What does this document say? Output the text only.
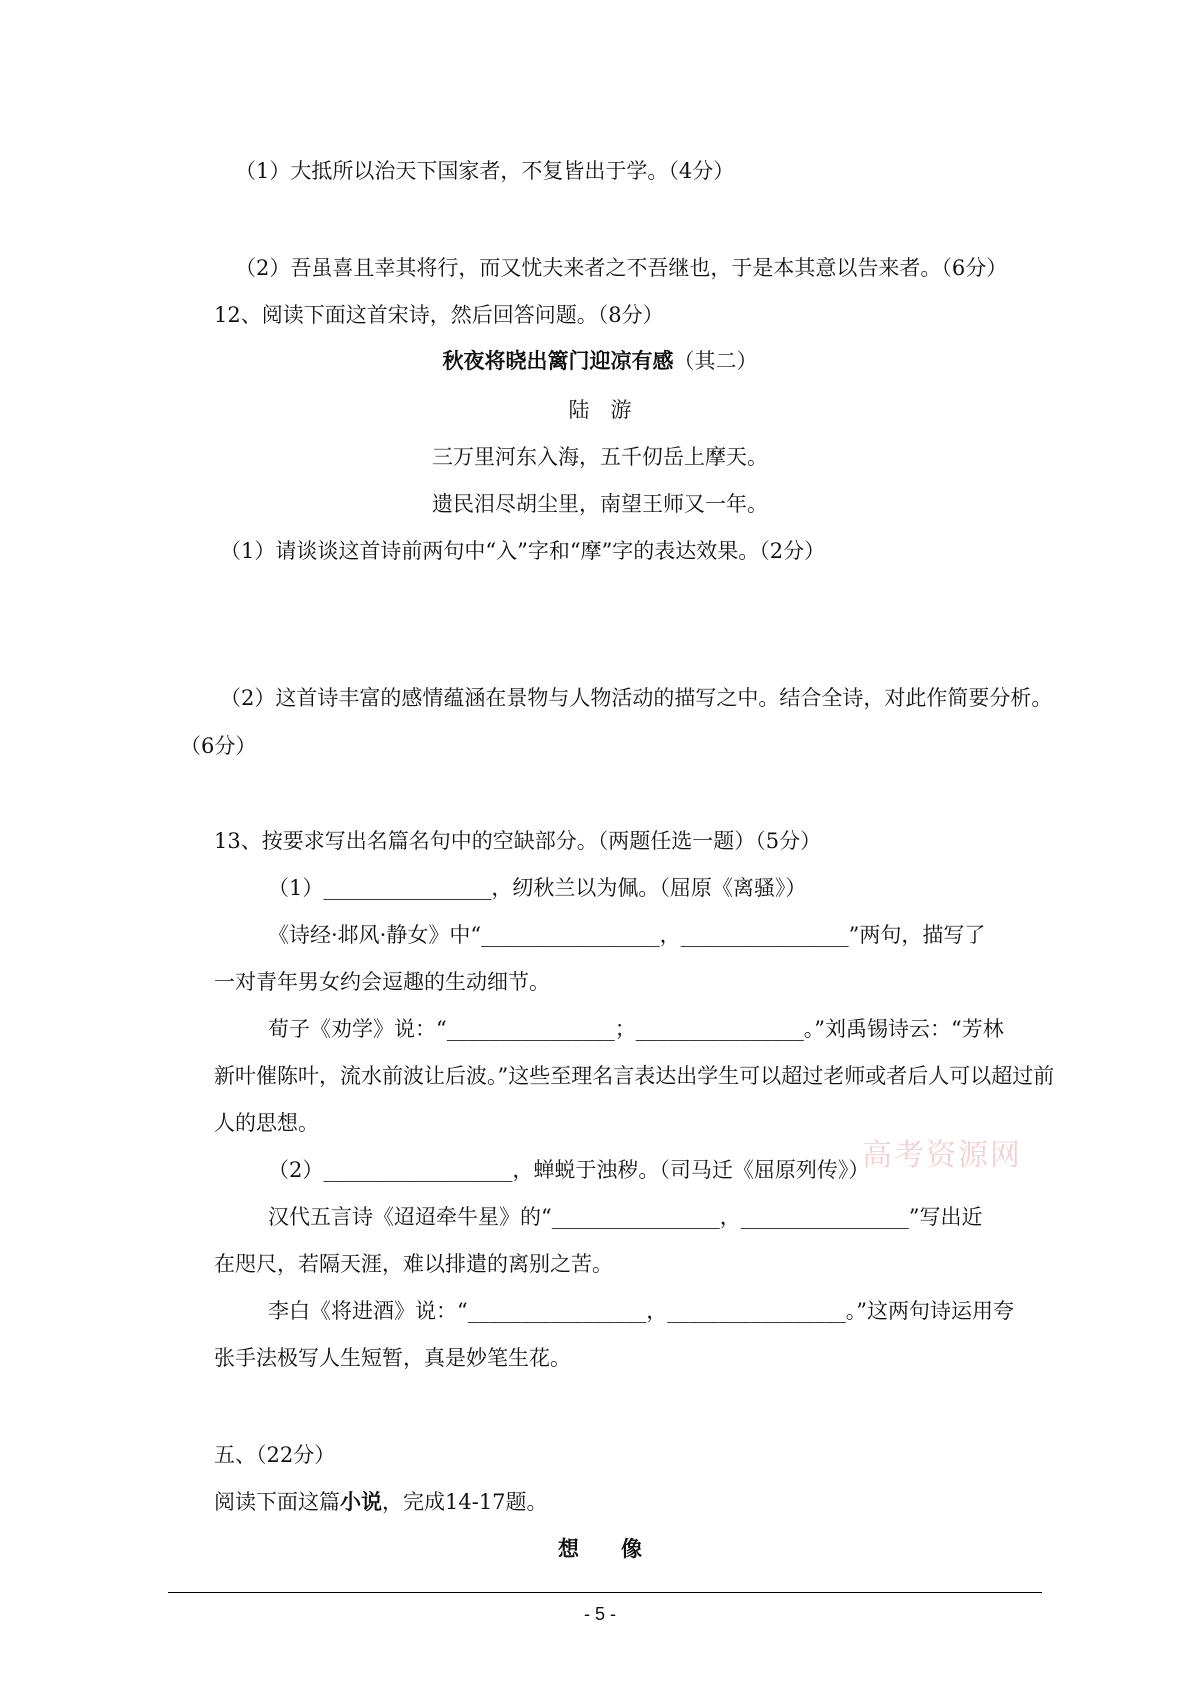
（1）大抵所以治天下国家者，不复皆出于学。（4分）
（2）吾虽喜且幸其将行，而又忧夫来者之不吾继也，于是本其意以告来者。（6分）
12、阅读下面这首宋诗，然后回答问题。（8分）
秋夜将晓出篱门迎凉有感（其二）
陆　游
三万里河东入海，五千仞岳上摩天。
遗民泪尽胡尘里，南望王师又一年。
（1）请谈谈这首诗前两句中“入”字和“摩”字的表达效果。（2分）
（2）这首诗丰富的感情蕴涵在景物与人物活动的描写之中。结合全诗，对此作简要分析。
（6分）
13、按要求写出名篇名句中的空缺部分。（两题任选一题）（5分）
（1）________________，纫秋兰以为佩。（屈原《离骚》）
《诗经·邶风·静女》中“_________________，________________”两句，描写了
一对青年男女约会逗趣的生动细节。
荀子《劝学》说：“________________；________________。”刘禹锡诗云：“芳林
新叶催陈叶，流水前波让后波。”这些至理名言表达出学生可以超过老师或者后人可以超过前
人的思想。
（2）__________________，蝉蜕于浊秽。（司马迁《屈原列传》）
汉代五言诗《迢迢牵牛星》的“________________，________________”写出近
在咫尺，若隔天涯，难以排遣的离别之苦。
李白《将进酒》说：“_________________，_________________。”这两句诗运用夸
张手法极写人生短暂，真是妙笔生花。
五、（22分）
阅读下面这篇小说，完成14-17题。
想　　像
高考资源网
- 5 -
